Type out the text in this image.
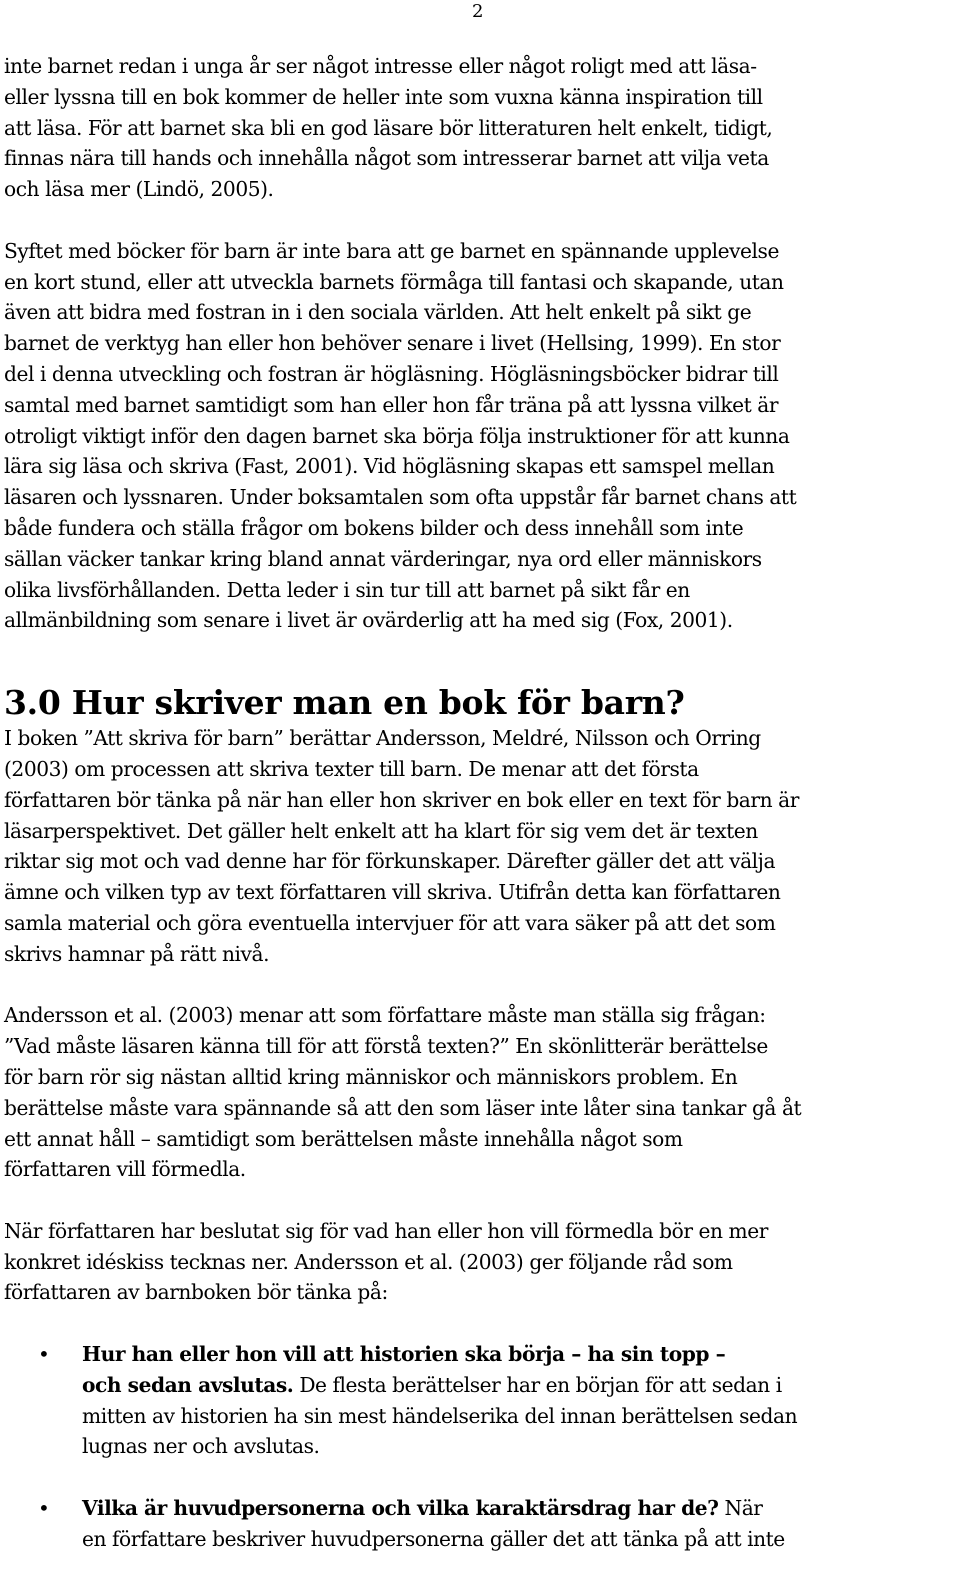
2
inte barnet redan i unga år ser något intresse eller något roligt med att läsa-
eller lyssna till en bok kommer de heller inte som vuxna känna inspiration till
att läsa. För att barnet ska bli en god läsare bör litteraturen helt enkelt, tidigt,
finnas nära till hands och innehålla något som intresserar barnet att vilja veta
och läsa mer (Lindö, 2005).
Syftet med böcker för barn är inte bara att ge barnet en spännande upplevelse
en kort stund, eller att utveckla barnets förmåga till fantasi och skapande, utan
även att bidra med fostran in i den sociala världen. Att helt enkelt på sikt ge
barnet de verktyg han eller hon behöver senare i livet (Hellsing, 1999). En stor
del i denna utveckling och fostran är högläsning. Högläsningsböcker bidrar till
samtal med barnet samtidigt som han eller hon får träna på att lyssna vilket är
otroligt viktigt inför den dagen barnet ska börja följa instruktioner för att kunna
lära sig läsa och skriva (Fast, 2001). Vid högläsning skapas ett samspel mellan
läsaren och lyssnaren. Under boksamtalen som ofta uppstår får barnet chans att
både fundera och ställa frågor om bokens bilder och dess innehåll som inte
sällan väcker tankar kring bland annat värderingar, nya ord eller människors
olika livsförhållanden. Detta leder i sin tur till att barnet på sikt får en
allmänbildning som senare i livet är ovärderlig att ha med sig (Fox, 2001).
3.0 Hur skriver man en bok för barn?
I boken ”Att skriva för barn” berättar Andersson, Meldré, Nilsson och Orring
(2003) om processen att skriva texter till barn. De menar att det första
författaren bör tänka på när han eller hon skriver en bok eller en text för barn är
läsarperspektivet. Det gäller helt enkelt att ha klart för sig vem det är texten
riktar sig mot och vad denne har för förkunskaper. Därefter gäller det att välja
ämne och vilken typ av text författaren vill skriva. Utifrån detta kan författaren
samla material och göra eventuella intervjuer för att vara säker på att det som
skrivs hamnar på rätt nivå.
Andersson et al. (2003) menar att som författare måste man ställa sig frågan:
”Vad måste läsaren känna till för att förstå texten?” En skönlitterär berättelse
för barn rör sig nästan alltid kring människor och människors problem. En
berättelse måste vara spännande så att den som läser inte låter sina tankar gå åt
ett annat håll – samtidigt som berättelsen måste innehålla något som
författaren vill förmedla.
När författaren har beslutat sig för vad han eller hon vill förmedla bör en mer
konkret idéskiss tecknas ner. Andersson et al. (2003) ger följande råd som
författaren av barnboken bör tänka på:
• Hur han eller hon vill att historien ska börja – ha sin topp –
och sedan avslutas. De flesta berättelser har en början för att sedan i
mitten av historien ha sin mest händelserika del innan berättelsen sedan
lugnas ner och avslutas.
• Vilka är huvudpersonerna och vilka karaktärsdrag har de? När
en författare beskriver huvudpersonerna gäller det att tänka på att inte
